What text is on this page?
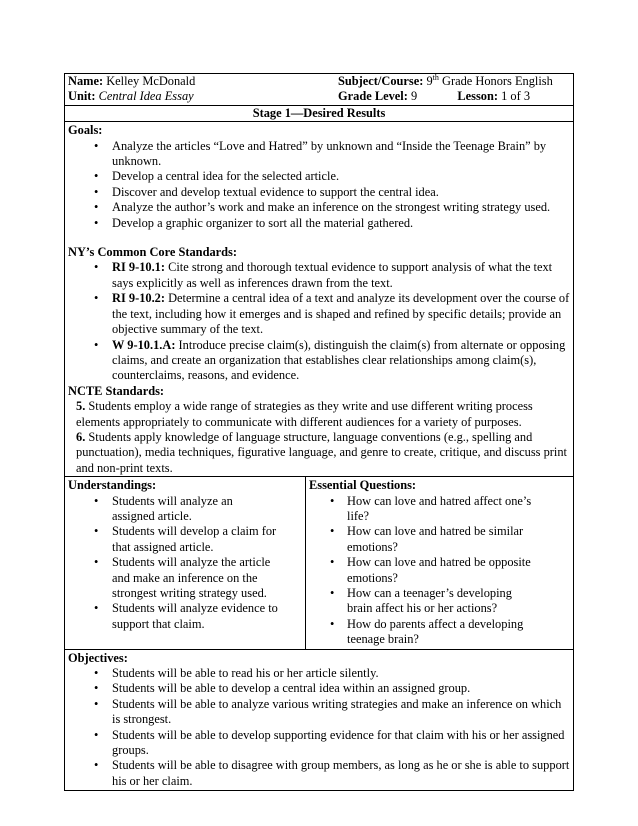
Name: Kelley McDonald	Subject/Course: 9th Grade Honors English
Unit: Central Idea Essay	Grade Level: 9	Lesson: 1 of 3

Stage 1—Desired Results

Goals:
• Analyze the articles “Love and Hatred” by unknown and “Inside the Teenage Brain” by unknown.
• Develop a central idea for the selected article.
• Discover and develop textual evidence to support the central idea.
• Analyze the author’s work and make an inference on the strongest writing strategy used.
• Develop a graphic organizer to sort all the material gathered.
NY’s Common Core Standards:
• RI 9-10.1: Cite strong and thorough textual evidence to support analysis of what the text says explicitly as well as inferences drawn from the text.
• RI 9-10.2: Determine a central idea of a text and analyze its development over the course of the text, including how it emerges and is shaped and refined by specific details; provide an objective summary of the text.
• W 9-10.1.A: Introduce precise claim(s), distinguish the claim(s) from alternate or opposing claims, and create an organization that establishes clear relationships among claim(s), counterclaims, reasons, and evidence.
NCTE Standards:
5. Students employ a wide range of strategies as they write and use different writing process elements appropriately to communicate with different audiences for a variety of purposes.
6. Students apply knowledge of language structure, language conventions (e.g., spelling and punctuation), media techniques, figurative language, and genre to create, critique, and discuss print and non-print texts.

Understandings:
• Students will analyze an assigned article.
• Students will develop a claim for that assigned article.
• Students will analyze the article and make an inference on the strongest writing strategy used.
• Students will analyze evidence to support that claim.

Essential Questions:
• How can love and hatred affect one’s life?
• How can love and hatred be similar emotions?
• How can love and hatred be opposite emotions?
• How can a teenager’s developing brain affect his or her actions?
• How do parents affect a developing teenage brain?

Objectives:
• Students will be able to read his or her article silently.
• Students will be able to develop a central idea within an assigned group.
• Students will be able to analyze various writing strategies and make an inference on which is strongest.
• Students will be able to develop supporting evidence for that claim with his or her assigned groups.
• Students will be able to disagree with group members, as long as he or she is able to support his or her claim.
